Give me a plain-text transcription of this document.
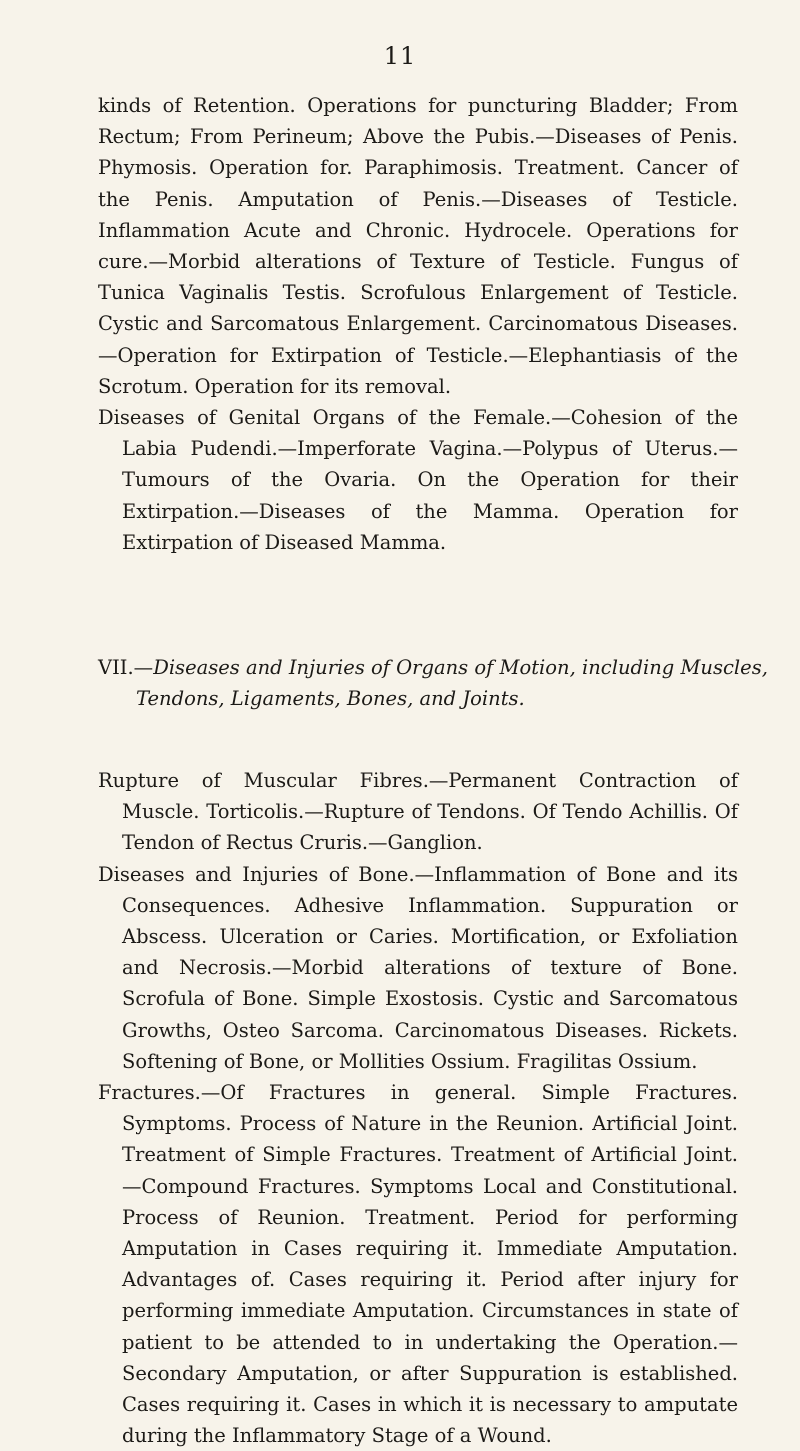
11

kinds of Retention. Operations for puncturing Bladder; From Rectum; From Perineum; Above the Pubis.—Diseases of Penis. Phymosis. Operation for. Paraphimosis. Treatment. Cancer of the Penis. Amputation of Penis.—Diseases of Testicle. Inflammation Acute and Chronic. Hydrocele. Operations for cure.—Morbid alterations of Texture of Testicle. Fungus of Tunica Vaginalis Testis. Scrofulous Enlargement of Testicle. Cystic and Sarcomatous Enlargement. Carcinomatous Diseases.—Operation for Extirpation of Testicle.—Elephantiasis of the Scrotum. Operation for its removal.

Diseases of Genital Organs of the Female.—Cohesion of the Labia Pudendi.—Imperforate Vagina.—Polypus of Uterus.—Tumours of the Ovaria. On the Operation for their Extirpation.—Diseases of the Mamma. Operation for Extirpation of Diseased Mamma.

VII.—Diseases and Injuries of Organs of Motion, including Muscles, Tendons, Ligaments, Bones, and Joints.

Rupture of Muscular Fibres.—Permanent Contraction of Muscle. Torticolis.—Rupture of Tendons. Of Tendo Achillis. Of Tendon of Rectus Cruris.—Ganglion.

Diseases and Injuries of Bone.—Inflammation of Bone and its Consequences. Adhesive Inflammation. Suppuration or Abscess. Ulceration or Caries. Mortification, or Exfoliation and Necrosis.—Morbid alterations of texture of Bone. Scrofula of Bone. Simple Exostosis. Cystic and Sarcomatous Growths, Osteo Sarcoma. Carcinomatous Diseases. Rickets. Softening of Bone, or Mollities Ossium. Fragilitas Ossium.

Fractures.—Of Fractures in general. Simple Fractures. Symptoms. Process of Nature in the Reunion. Artificial Joint. Treatment of Simple Fractures. Treatment of Artificial Joint.—Compound Fractures. Symptoms Local and Constitutional. Process of Reunion. Treatment. Period for performing Amputation in Cases requiring it. Immediate Amputation. Advantages of. Cases requiring it. Period after injury for performing immediate Amputation. Circumstances in state of patient to be attended to in undertaking the Operation.—Secondary Amputation, or after Suppuration is established. Cases requiring it. Cases in which it is necessary to amputate during the Inflammatory Stage of a Wound.
